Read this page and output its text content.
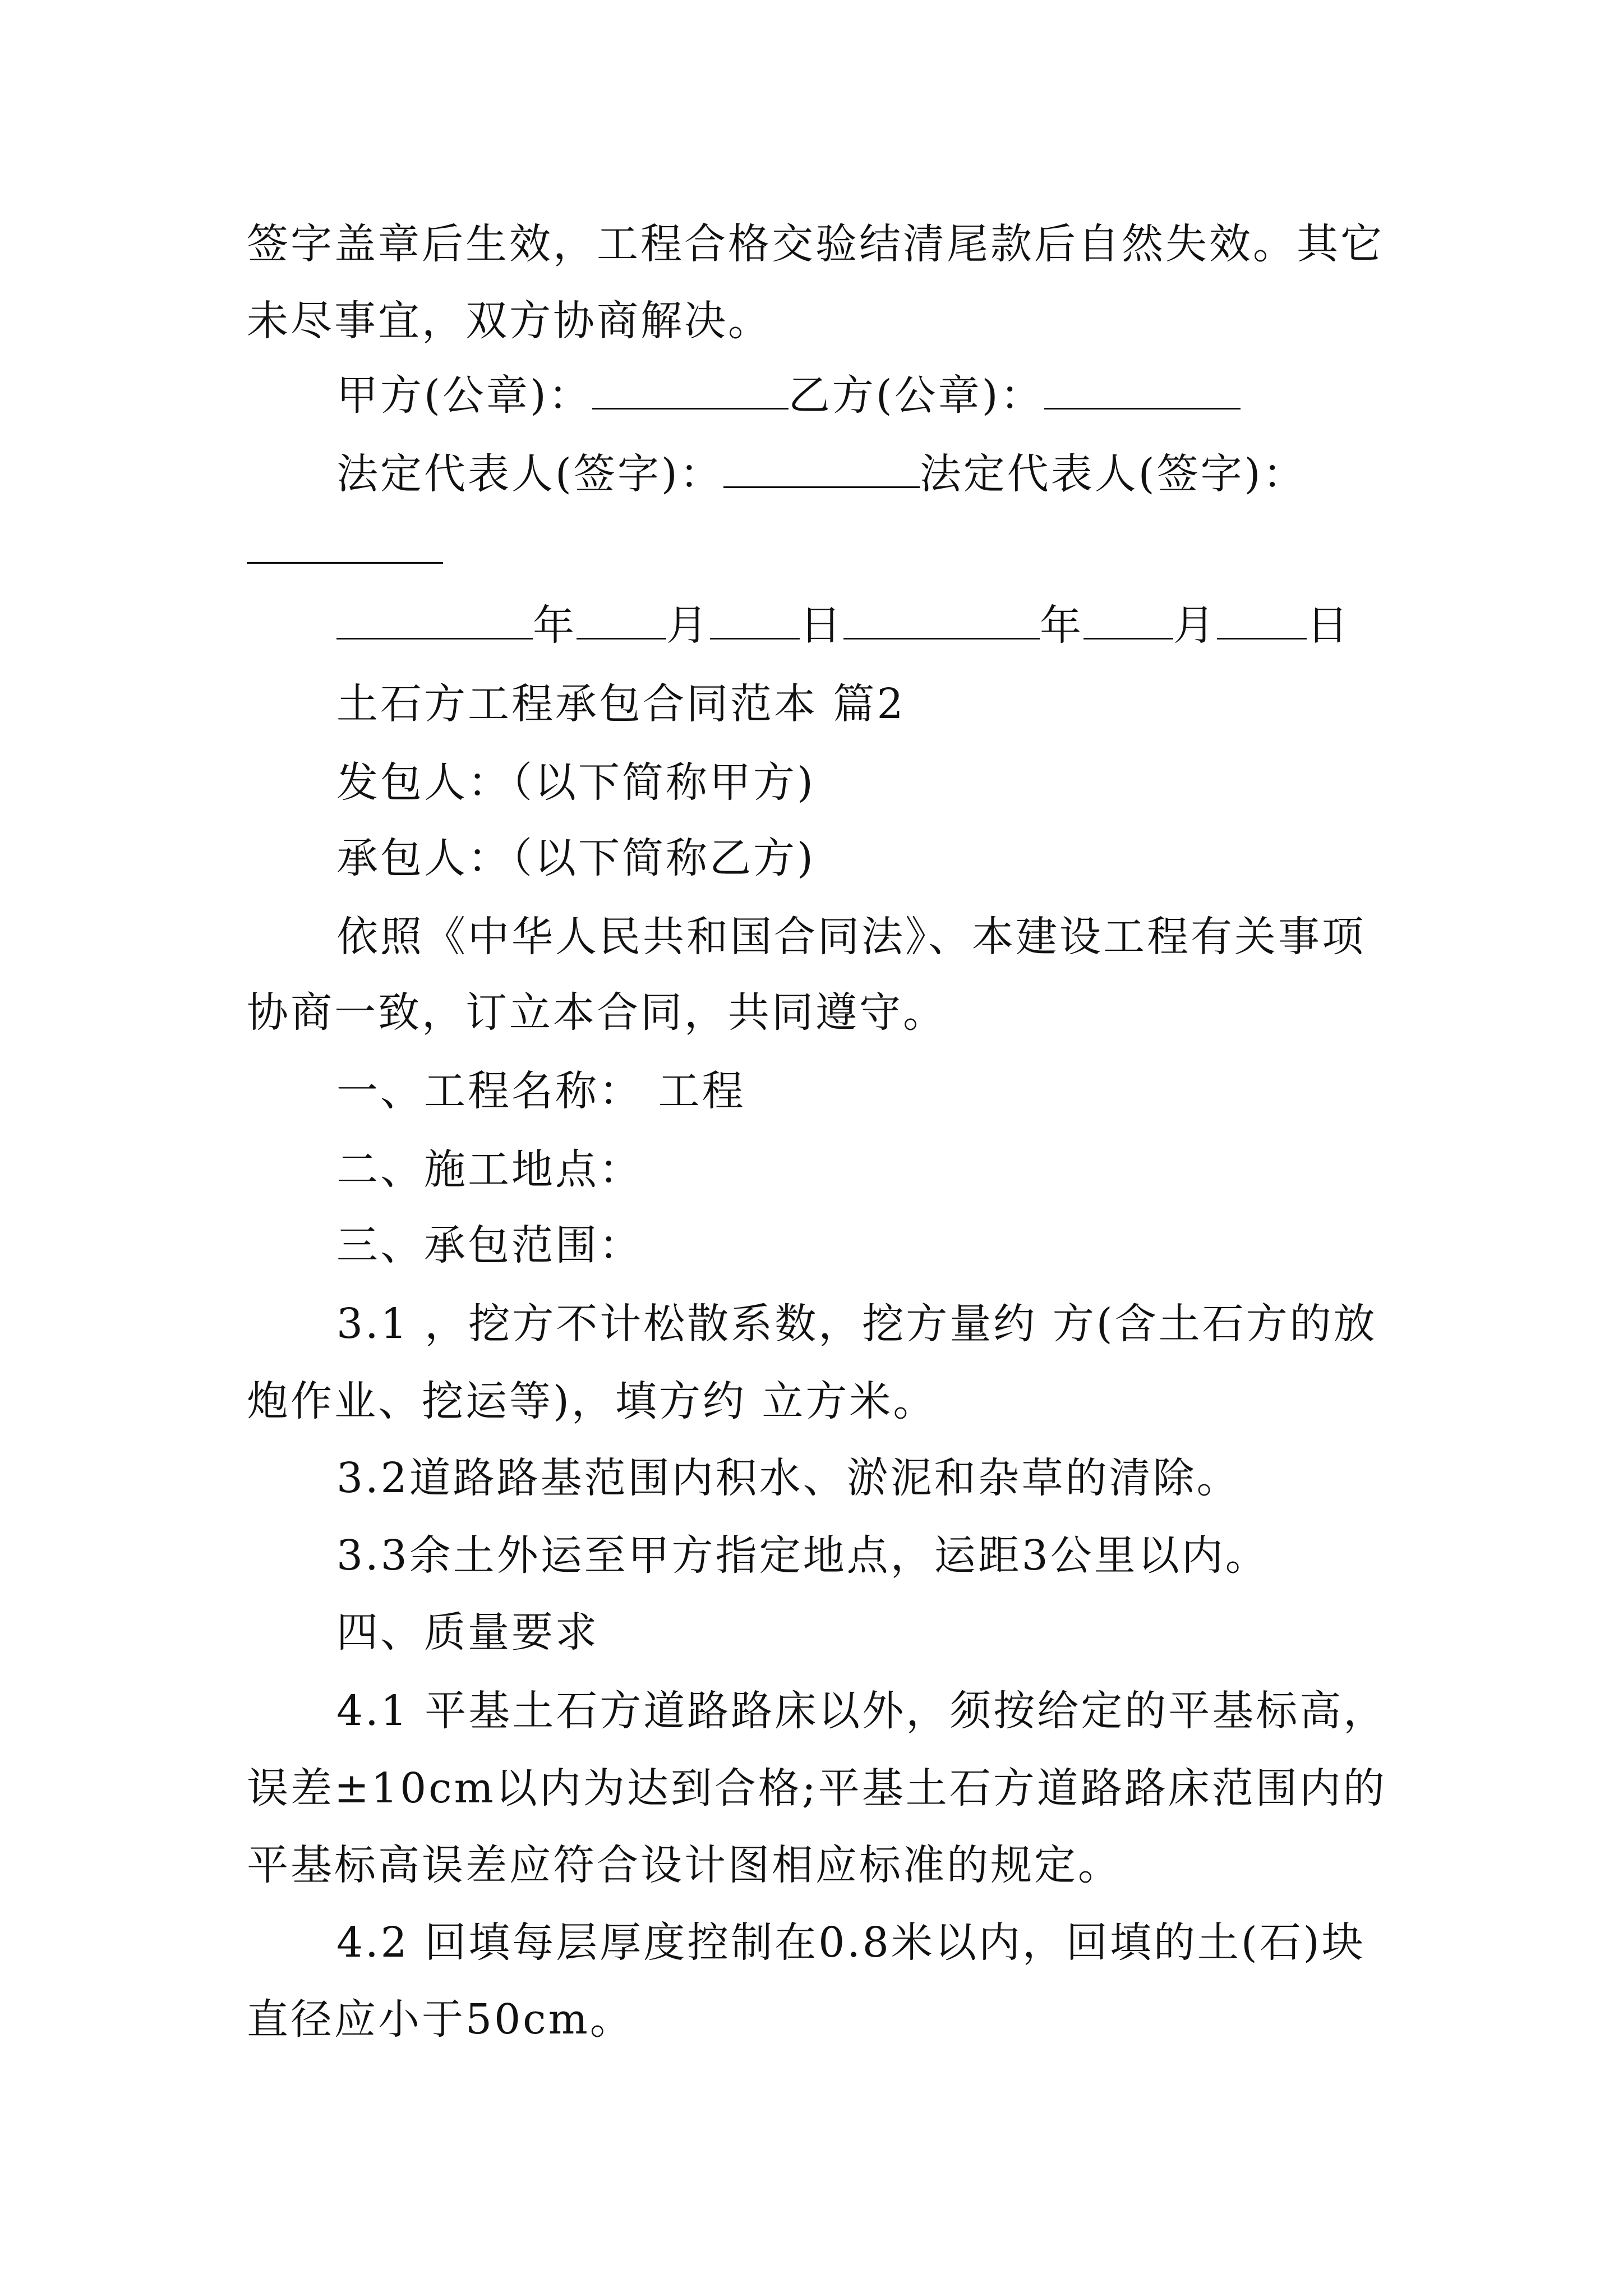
签字盖章后生效，工程合格交验结清尾款后自然失效。其它
未尽事宜，双方协商解决。
甲方(公章)：	乙方(公章)：
法定代表人(签字)：	法定代表人(签字)：
年 月 日	年 月 日
土石方工程承包合同范本 篇2
发包人：（以下简称甲方)
承包人：（以下简称乙方)
依照《中华人民共和国合同法》、本建设工程有关事项
协商一致，订立本合同，共同遵守。
一、工程名称： 工程
二、施工地点：
三、承包范围：
3.1 ，挖方不计松散系数，挖方量约 方(含土石方的放
炮作业、挖运等)，填方约 立方米。
3.2道路路基范围内积水、淤泥和杂草的清除。
3.3余土外运至甲方指定地点，运距3公里以内。
四、质量要求
4.1 平基土石方道路路床以外，须按给定的平基标高，
误差±10cm以内为达到合格;平基土石方道路路床范围内的
平基标高误差应符合设计图相应标准的规定。
4.2 回填每层厚度控制在0.8米以内，回填的土(石)块
直径应小于50cm。
